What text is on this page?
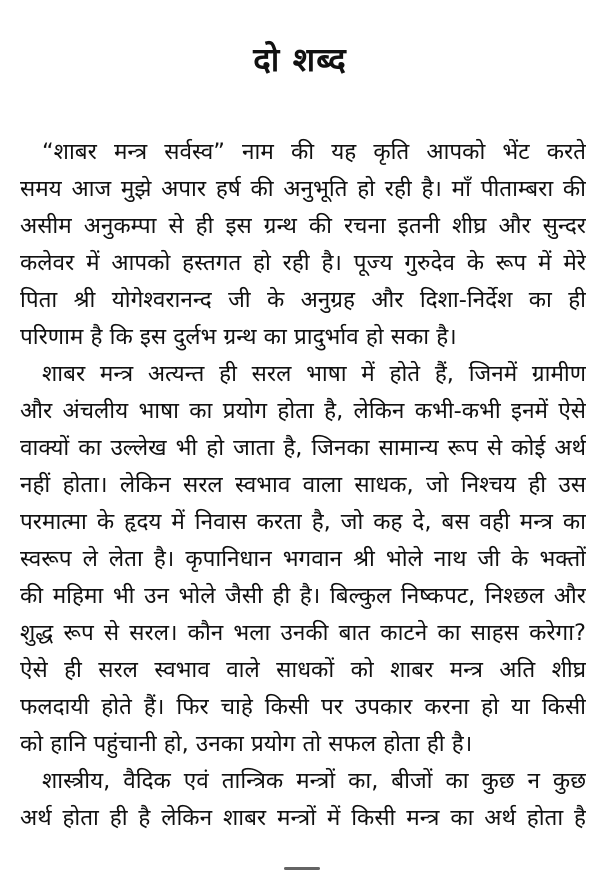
दो शब्द
“शाबर मन्त्र सर्वस्व” नाम की यह कृति आपको भेंट करते
समय आज मुझे अपार हर्ष की अनुभूति हो रही है। माँ पीताम्बरा की
असीम अनुकम्पा से ही इस ग्रन्थ की रचना इतनी शीघ्र और सुन्दर
कलेवर में आपको हस्तगत हो रही है। पूज्य गुरुदेव के रूप में मेरे
पिता श्री योगेश्वरानन्द जी के अनुग्रह और दिशा-निर्देश का ही
परिणाम है कि इस दुर्लभ ग्रन्थ का प्रादुर्भाव हो सका है।
शाबर मन्त्र अत्यन्त ही सरल भाषा में होते हैं, जिनमें ग्रामीण
और अंचलीय भाषा का प्रयोग होता है, लेकिन कभी-कभी इनमें ऐसे
वाक्यों का उल्लेख भी हो जाता है, जिनका सामान्य रूप से कोई अर्थ
नहीं होता। लेकिन सरल स्वभाव वाला साधक, जो निश्चय ही उस
परमात्मा के हृदय में निवास करता है, जो कह दे, बस वही मन्त्र का
स्वरूप ले लेता है। कृपानिधान भगवान श्री भोले नाथ जी के भक्तों
की महिमा भी उन भोले जैसी ही है। बिल्कुल निष्कपट, निश्छल और
शुद्ध रूप से सरल। कौन भला उनकी बात काटने का साहस करेगा?
ऐसे ही सरल स्वभाव वाले साधकों को शाबर मन्त्र अति शीघ्र
फलदायी होते हैं। फिर चाहे किसी पर उपकार करना हो या किसी
को हानि पहुंचानी हो, उनका प्रयोग तो सफल होता ही है।
शास्त्रीय, वैदिक एवं तान्त्रिक मन्त्रों का, बीजों का कुछ न कुछ
अर्थ होता ही है लेकिन शाबर मन्त्रों में किसी मन्त्र का अर्थ होता है
